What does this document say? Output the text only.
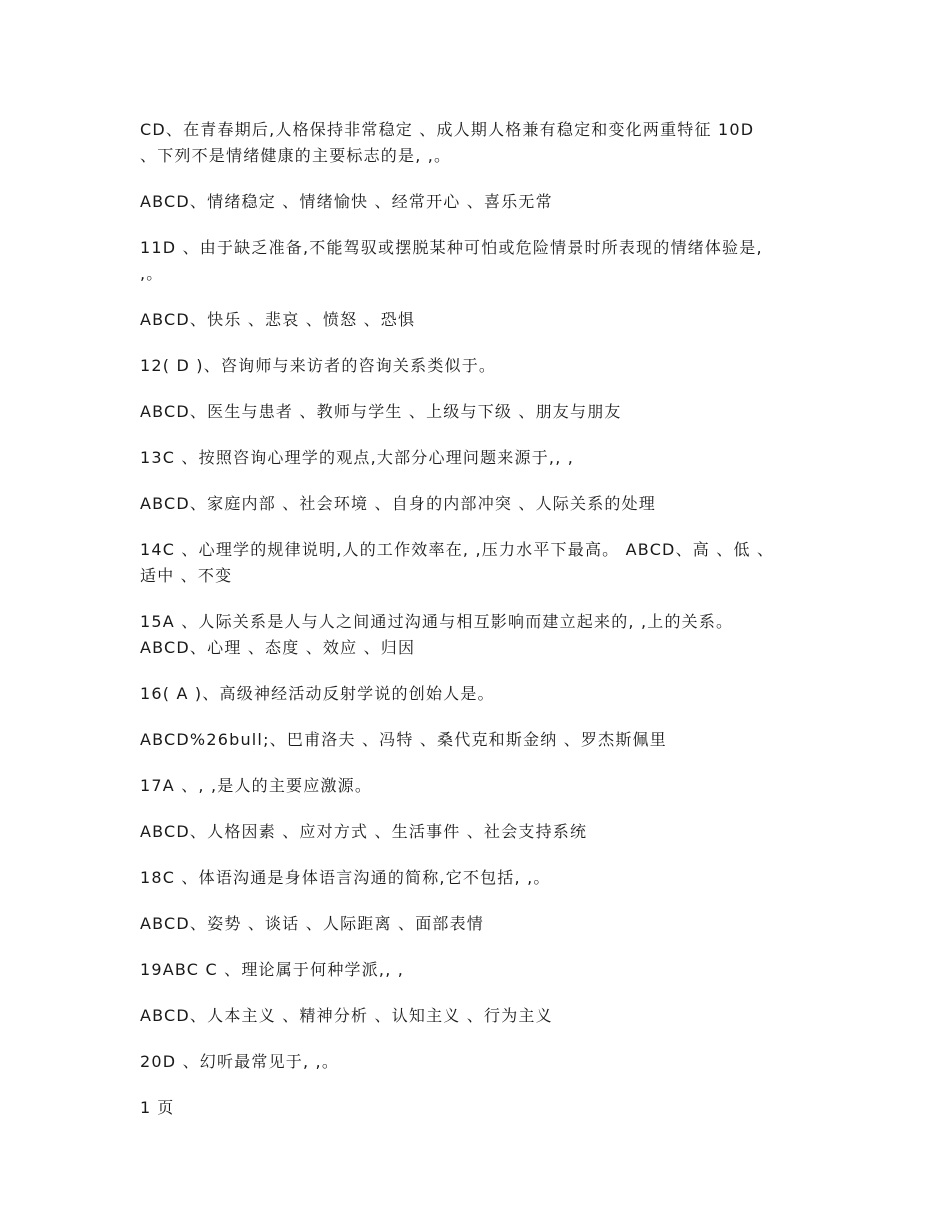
CD、在青春期后,人格保持非常稳定 、成人期人格兼有稳定和变化两重特征 10D
、下列不是情绪健康的主要标志的是, ,。
ABCD、情绪稳定 、情绪愉快 、经常开心 、喜乐无常
11D 、由于缺乏准备,不能驾驭或摆脱某种可怕或危险情景时所表现的情绪体验是,
,。
ABCD、快乐 、悲哀 、愤怒 、恐惧
12( D )、咨询师与来访者的咨询关系类似于。
ABCD、医生与患者 、教师与学生 、上级与下级 、朋友与朋友
13C 、按照咨询心理学的观点,大部分心理问题来源于,, ,
ABCD、家庭内部 、社会环境 、自身的内部冲突 、人际关系的处理
14C 、心理学的规律说明,人的工作效率在, ,压力水平下最高。 ABCD、高 、低 、
适中 、不变
15A 、人际关系是人与人之间通过沟通与相互影响而建立起来的, ,上的关系。
ABCD、心理 、态度 、效应 、归因
16( A )、高级神经活动反射学说的创始人是。
ABCD%26bull;、巴甫洛夫 、冯特 、桑代克和斯金纳 、罗杰斯佩里
17A 、, ,是人的主要应激源。
ABCD、人格因素 、应对方式 、生活事件 、社会支持系统
18C 、体语沟通是身体语言沟通的简称,它不包括, ,。
ABCD、姿势 、谈话 、人际距离 、面部表情
19ABC C 、理论属于何种学派,, ,
ABCD、人本主义 、精神分析 、认知主义 、行为主义
20D 、幻听最常见于, ,。
1 页
